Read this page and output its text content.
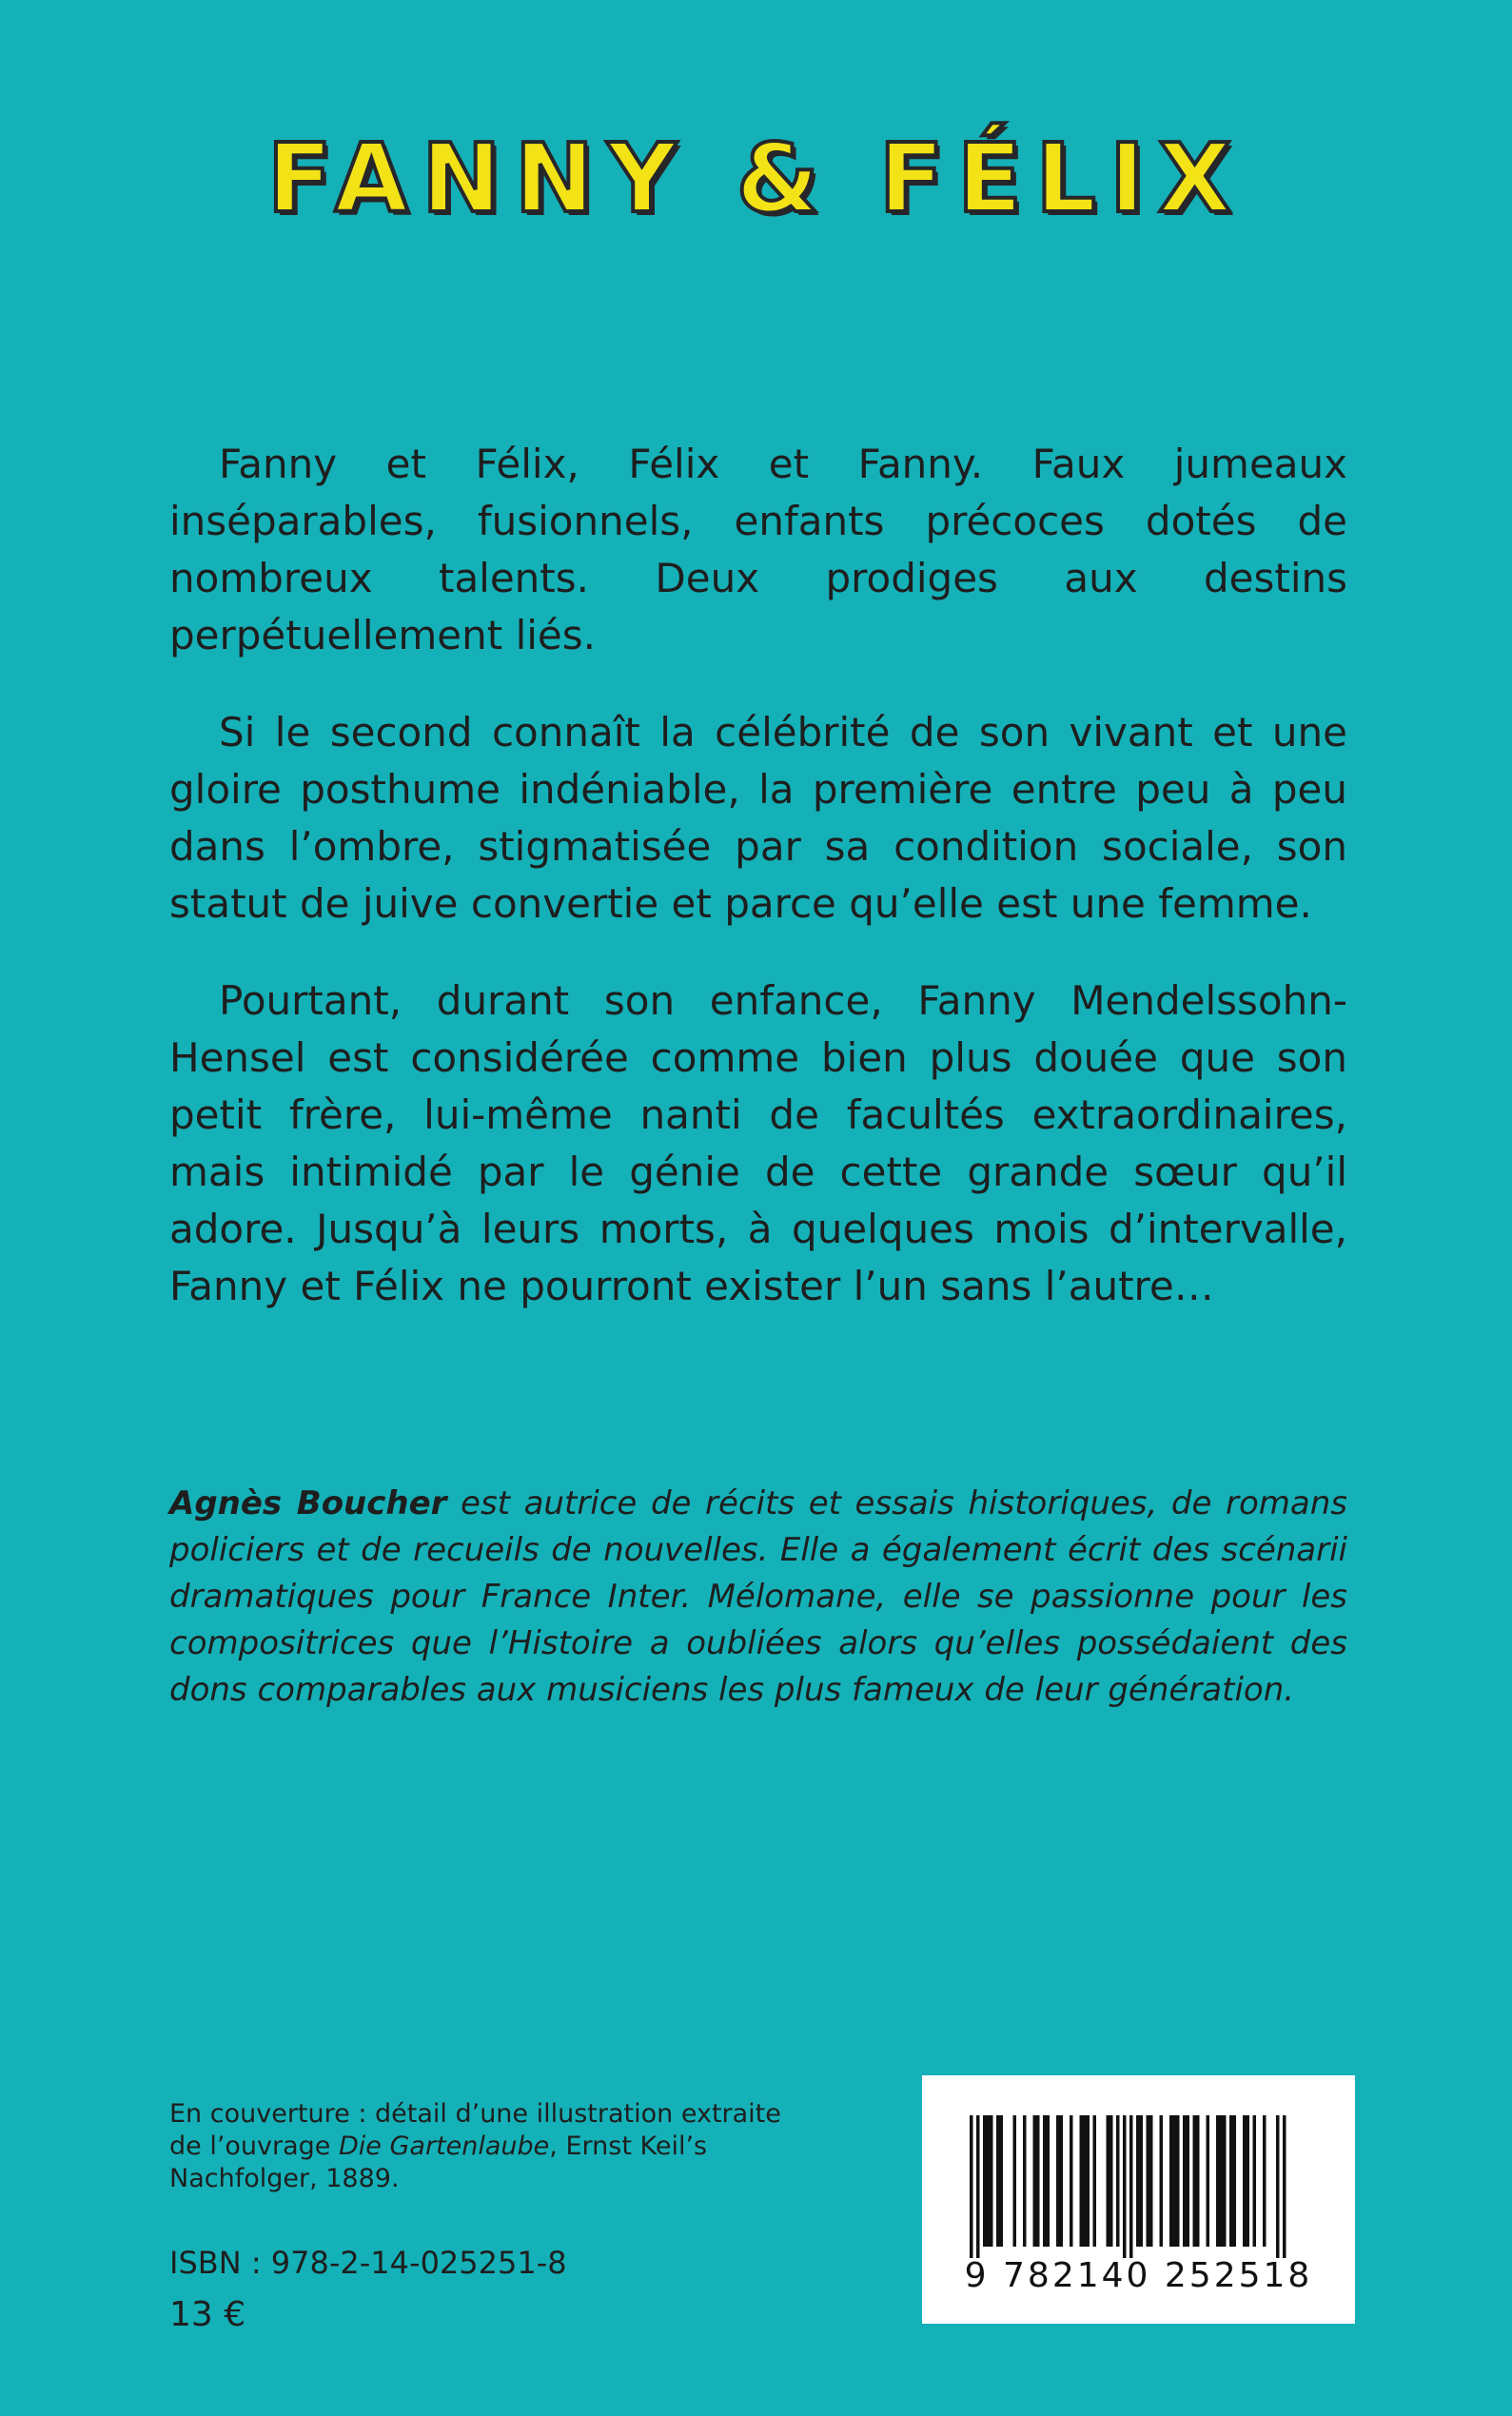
FANNY & FÉLIX

Fanny et Félix, Félix et Fanny. Faux jumeaux inséparables, fusionnels, enfants précoces dotés de nombreux talents. Deux prodiges aux destins perpétuellement liés.

Si le second connaît la célébrité de son vivant et une gloire posthume indéniable, la première entre peu à peu dans l’ombre, stigmatisée par sa condition sociale, son statut de juive convertie et parce qu’elle est une femme.

Pourtant, durant son enfance, Fanny Mendelssohn-Hensel est considérée comme bien plus douée que son petit frère, lui-même nanti de facultés extraordinaires, mais intimidé par le génie de cette grande sœur qu’il adore. Jusqu’à leurs morts, à quelques mois d’intervalle, Fanny et Félix ne pourront exister l’un sans l’autre…

Agnès Boucher est autrice de récits et essais historiques, de romans policiers et de recueils de nouvelles. Elle a également écrit des scénarii dramatiques pour France Inter. Mélomane, elle se passionne pour les compositrices que l’Histoire a oubliées alors qu’elles possédaient des dons comparables aux musiciens les plus fameux de leur génération.
En couverture : détail d’une illustration extraite de l’ouvrage Die Gartenlaube, Ernst Keil’s Nachfolger, 1889.
ISBN : 978-2-14-025251-8
13 €
9 782140 252518
